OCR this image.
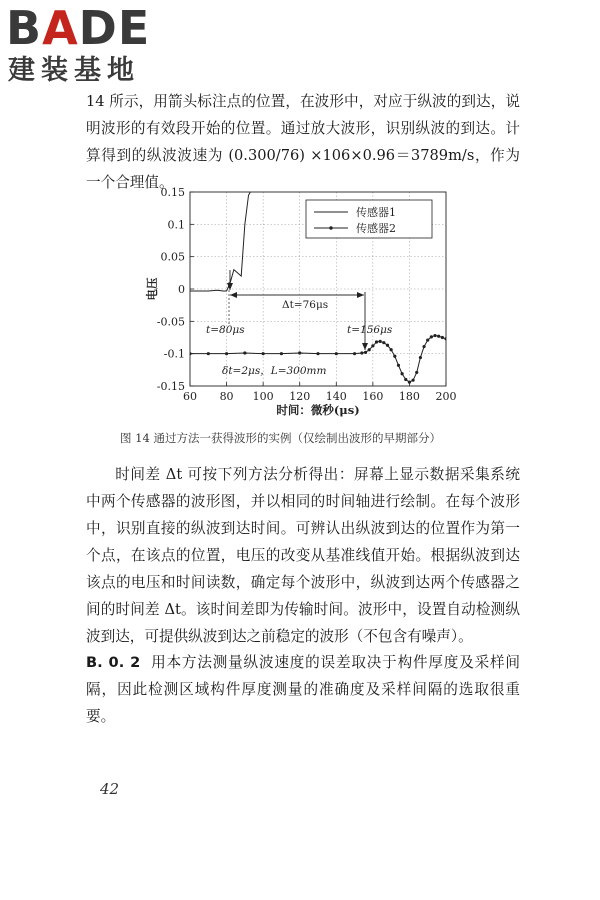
BADE
建装基地
14 所示，用箭头标注点的位置，在波形中，对应于纵波的到达，说明波形的有效段开始的位置。通过放大波形，识别纵波的到达。计算得到的纵波波速为 (0.300/76) ×106×0.96＝3789m/s，作为一个合理值。
60 80 100 120 140 160 180 200
0.15
0.1
0.05
0
-0.05
-0.1
-0.15
时间：微秒(μs)
电压
Δt=76μs
t=80μs	t=156μs
δt=2μs，L=300mm
传感器1
传感器2
图 14 通过方法一获得波形的实例（仅绘制出波形的早期部分）
时间差 Δt 可按下列方法分析得出：屏幕上显示数据采集系统中两个传感器的波形图，并以相同的时间轴进行绘制。在每个波形中，识别直接的纵波到达时间。可辨认出纵波到达的位置作为第一个点，在该点的位置，电压的改变从基准线值开始。根据纵波到达该点的电压和时间读数，确定每个波形中，纵波到达两个传感器之间的时间差 Δt。该时间差即为传输时间。波形中，设置自动检测纵波到达，可提供纵波到达之前稳定的波形（不包含有噪声）。
B. 0. 2 用本方法测量纵波速度的误差取决于构件厚度及采样间隔，因此检测区域构件厚度测量的准确度及采样间隔的选取很重要。
42
